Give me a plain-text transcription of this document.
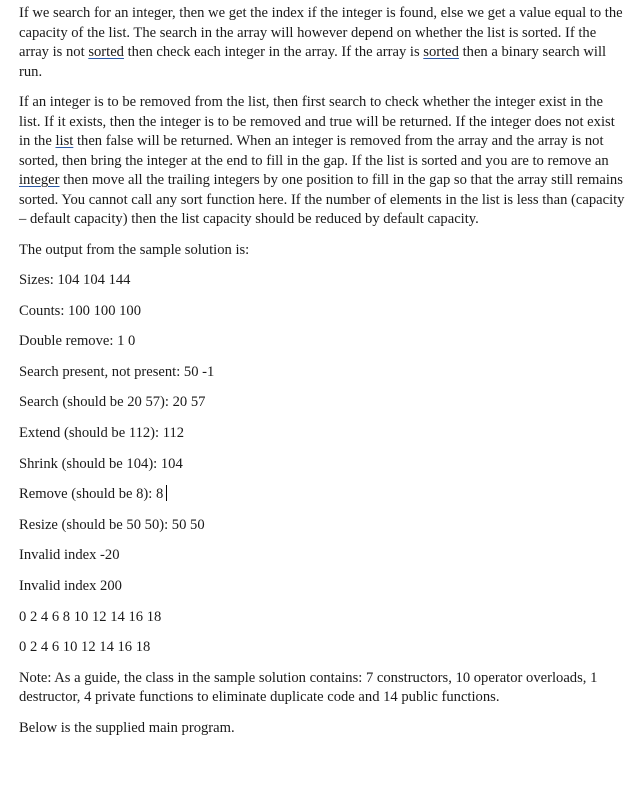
If we search for an integer, then we get the index if the integer is found, else we get a value equal to the capacity of the list. The search in the array will however depend on whether the list is sorted. If the array is not sorted then check each integer in the array. If the array is sorted then a binary search will run.

If an integer is to be removed from the list, then first search to check whether the integer exist in the list. If it exists, then the integer is to be removed and true will be returned. If the integer does not exist in the list then false will be returned. When an integer is removed from the array and the array is not sorted, then bring the integer at the end to fill in the gap. If the list is sorted and you are to remove an integer then move all the trailing integers by one position to fill in the gap so that the array still remains sorted. You cannot call any sort function here. If the number of elements in the list is less than (capacity – default capacity) then the list capacity should be reduced by default capacity.

The output from the sample solution is:

Sizes: 104 104 144

Counts: 100 100 100

Double remove: 1 0

Search present, not present: 50 -1

Search (should be 20 57): 20 57

Extend (should be 112): 112

Shrink (should be 104): 104

Remove (should be 8): 8

Resize (should be 50 50): 50 50

Invalid index -20

Invalid index 200

0 2 4 6 8 10 12 14 16 18

0 2 4 6 10 12 14 16 18

Note: As a guide, the class in the sample solution contains: 7 constructors, 10 operator overloads, 1 destructor, 4 private functions to eliminate duplicate code and 14 public functions.

Below is the supplied main program.
